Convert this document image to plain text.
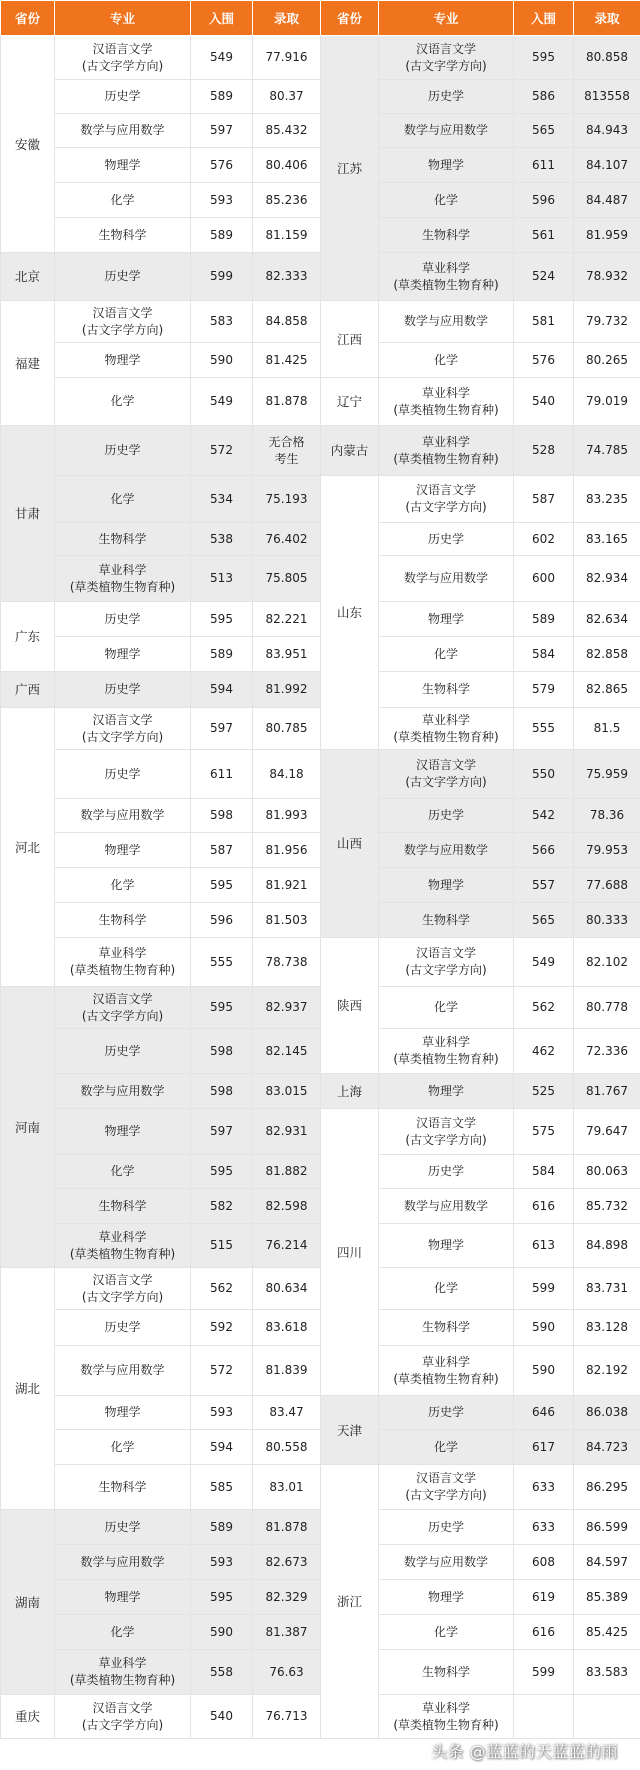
省份	专业	入围	录取
安徽	汉语言文学
(古文字学方向)	549	77.916
	历史学	589	80.37
	数学与应用数学	597	85.432
	物理学	576	80.406
	化学	593	85.236
	生物科学	589	81.159
北京	历史学	599	82.333
福建	汉语言文学
(古文字学方向)	583	84.858
	物理学	590	81.425
	化学	549	81.878
甘肃	历史学	572	无合格
考生
	化学	534	75.193
	生物科学	538	76.402
	草业科学
(草类植物生物育种)	513	75.805
广东	历史学	595	82.221
	物理学	589	83.951
广西	历史学	594	81.992
河北	汉语言文学
(古文字学方向)	597	80.785
	历史学	611	84.18
	数学与应用数学	598	81.993
	物理学	587	81.956
	化学	595	81.921
	生物科学	596	81.503
	草业科学
(草类植物生物育种)	555	78.738
河南	汉语言文学
(古文字学方向)	595	82.937
	历史学	598	82.145
	数学与应用数学	598	83.015
	物理学	597	82.931
	化学	595	81.882
	生物科学	582	82.598
	草业科学
(草类植物生物育种)	515	76.214
湖北	汉语言文学
(古文字学方向)	562	80.634
	历史学	592	83.618
	数学与应用数学	572	81.839
	物理学	593	83.47
	化学	594	80.558
	生物科学	585	83.01
湖南	历史学	589	81.878
	数学与应用数学	593	82.673
	物理学	595	82.329
	化学	590	81.387
	草业科学
(草类植物生物育种)	558	76.63
重庆	汉语言文学
(古文字学方向)	540	76.713
省份	专业	入围	录取
江苏	汉语言文学
(古文字学方向)	595	80.858
	历史学	586	813558
	数学与应用数学	565	84.943
	物理学	611	84.107
	化学	596	84.487
	生物科学	561	81.959
	草业科学
(草类植物生物育种)	524	78.932
江西	数学与应用数学	581	79.732
	化学	576	80.265
辽宁	草业科学
(草类植物生物育种)	540	79.019
内蒙古	草业科学
(草类植物生物育种)	528	74.785
山东	汉语言文学
(古文字学方向)	587	83.235
	历史学	602	83.165
	数学与应用数学	600	82.934
	物理学	589	82.634
	化学	584	82.858
	生物科学	579	82.865
	草业科学
(草类植物生物育种)	555	81.5
山西	汉语言文学
(古文字学方向)	550	75.959
	历史学	542	78.36
	数学与应用数学	566	79.953
	物理学	557	77.688
	生物科学	565	80.333
陕西	汉语言文学
(古文字学方向)	549	82.102
	化学	562	80.778
	草业科学
(草类植物生物育种)	462	72.336
上海	物理学	525	81.767
四川	汉语言文学
(古文字学方向)	575	79.647
	历史学	584	80.063
	数学与应用数学	616	85.732
	物理学	613	84.898
	化学	599	83.731
	生物科学	590	83.128
	草业科学
(草类植物生物育种)	590	82.192
天津	历史学	646	86.038
	化学	617	84.723
浙江	汉语言文学
(古文字学方向)	633	86.295
	历史学	633	86.599
	数学与应用数学	608	84.597
	物理学	619	85.389
	化学	616	85.425
	生物科学	599	83.583
	草业科学
(草类植物生物育种)		
头条 @蓝蓝的天蓝蓝的雨
